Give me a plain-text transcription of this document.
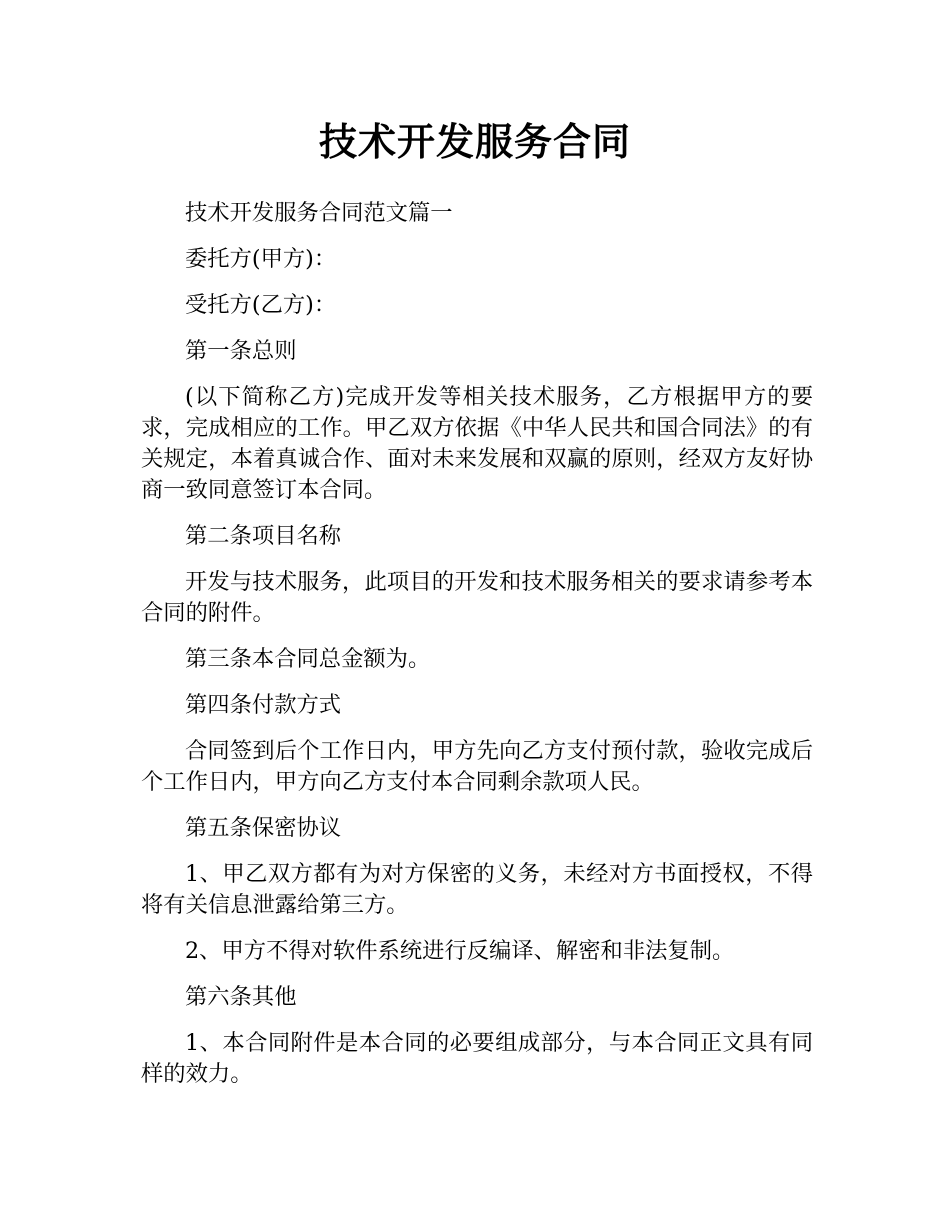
技术开发服务合同

技术开发服务合同范文篇一

委托方(甲方)：

受托方(乙方)：

第一条总则

(以下简称乙方)完成开发等相关技术服务，乙方根据甲方的要求，完成相应的工作。甲乙双方依据《中华人民共和国合同法》的有关规定，本着真诚合作、面对未来发展和双赢的原则，经双方友好协商一致同意签订本合同。

第二条项目名称

开发与技术服务，此项目的开发和技术服务相关的要求请参考本合同的附件。

第三条本合同总金额为。

第四条付款方式

合同签到后个工作日内，甲方先向乙方支付预付款，验收完成后个工作日内，甲方向乙方支付本合同剩余款项人民。

第五条保密协议

1、甲乙双方都有为对方保密的义务，未经对方书面授权，不得将有关信息泄露给第三方。

2、甲方不得对软件系统进行反编译、解密和非法复制。

第六条其他

1、本合同附件是本合同的必要组成部分，与本合同正文具有同样的效力。
